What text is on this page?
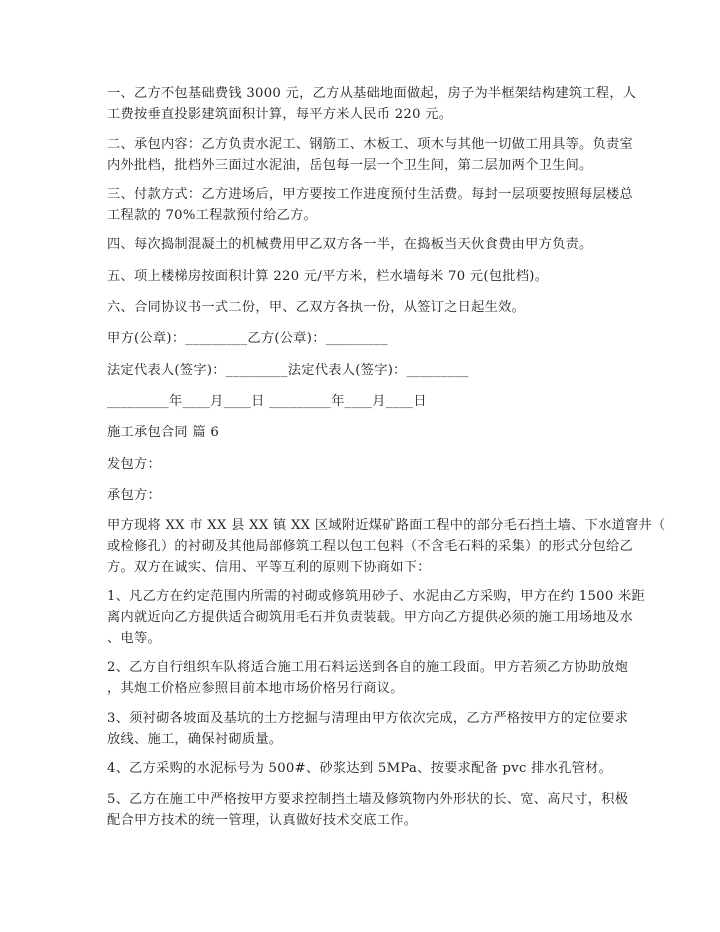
一、乙方不包基础费钱 3000 元，乙方从基础地面做起，房子为半框架结构建筑工程，人
工费按垂直投影建筑面积计算，每平方米人民币 220 元。
二、承包内容：乙方负责水泥工、钢筋工、木板工、项木与其他一切做工用具等。负责室
内外批档，批档外三面过水泥油，岳包每一层一个卫生间，第二层加两个卫生间。
三、付款方式：乙方进场后，甲方要按工作进度预付生活费。每封一层项要按照每层楼总
工程款的 70%工程款预付给乙方。
四、每次捣制混凝土的机械费用甲乙双方各一半，在捣板当天伙食费由甲方负责。
五、项上楼梯房按面积计算 220 元/平方米，栏水墙每米 70 元(包批档)。
六、合同协议书一式二份，甲、乙双方各执一份，从签订之日起生效。
甲方(公章)：_________乙方(公章)：_________
法定代表人(签字)：_________法定代表人(签字)：_________
_________年____月____日 _________年____月____日
施工承包合同 篇 6
发包方：
承包方：
甲方现将 XX 市 XX 县 XX 镇 XX 区域附近煤矿路面工程中的部分毛石挡土墙、下水道窨井（
或检修孔）的衬砌及其他局部修筑工程以包工包料（不含毛石料的采集）的形式分包给乙
方。双方在诚实、信用、平等互利的原则下协商如下：
1、凡乙方在约定范围内所需的衬砌或修筑用砂子、水泥由乙方采购，甲方在约 1500 米距
离内就近向乙方提供适合砌筑用毛石并负责装载。甲方向乙方提供必须的施工用场地及水
、电等。
2、乙方自行组织车队将适合施工用石料运送到各自的施工段面。甲方若须乙方协助放炮
，其炮工价格应参照目前本地市场价格另行商议。
3、须衬砌各坡面及基坑的土方挖掘与清理由甲方依次完成，乙方严格按甲方的定位要求
放线、施工，确保衬砌质量。
4、乙方采购的水泥标号为 500#、砂浆达到 5MPa、按要求配备 pvc 排水孔管材。
5、乙方在施工中严格按甲方要求控制挡土墙及修筑物内外形状的长、宽、高尺寸，积极
配合甲方技术的统一管理，认真做好技术交底工作。
